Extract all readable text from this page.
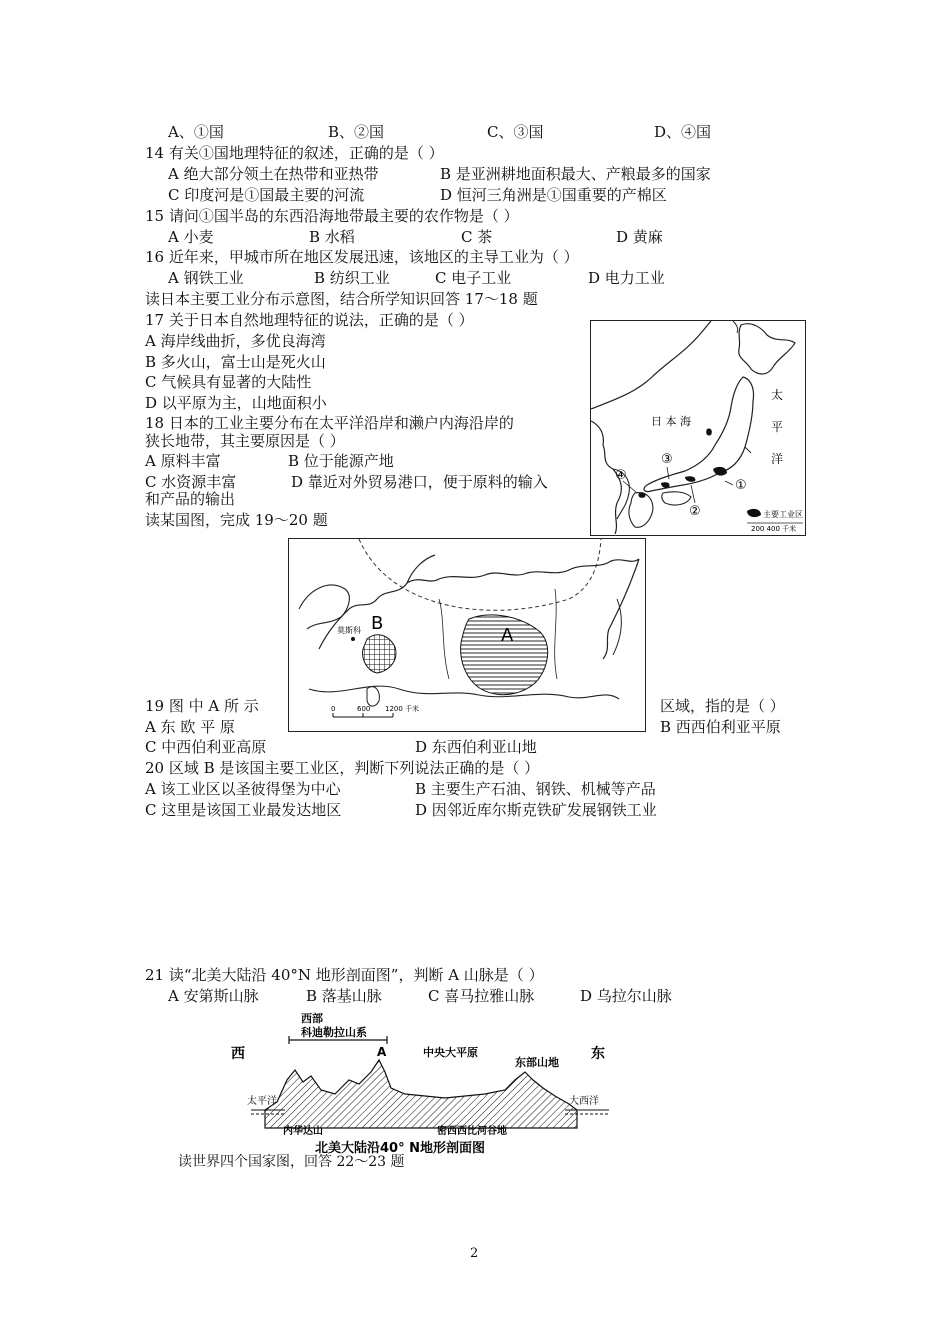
A、①国	B、②国	C、③国	D、④国
14 有关①国地理特征的叙述，正确的是（ ）
A 绝大部分领土在热带和亚热带	B 是亚洲耕地面积最大、产粮最多的国家
C 印度河是①国最主要的河流	D 恒河三角洲是①国重要的产棉区
15 请问①国半岛的东西沿海地带最主要的农作物是（ ）
A 小麦	B 水稻	C 茶	D 黄麻
16 近年来，甲城市所在地区发展迅速，该地区的主导工业为（ ）
A 钢铁工业	B 纺织工业	C 电子工业	D 电力工业
读日本主要工业分布示意图，结合所学知识回答 17～18 题
17 关于日本自然地理特征的说法，正确的是（ ）
A 海岸线曲折，多优良海湾
B 多火山，富士山是死火山
C 气候具有显著的大陆性
D 以平原为主，山地面积小
18 日本的工业主要分布在太平洋沿岸和濑户内海沿岸的
狭长地带，其主要原因是（ ）
A 原料丰富	B 位于能源产地
C 水资源丰富	D 靠近对外贸易港口，便于原料的输入
和产品的输出
读某国图，完成 19～20 题
日 本 海
太
平
洋
①
②
③
④
主要工业区
200 400 千米
B
A
莫斯科
0	600 1200 千米
19 图 中 A 所 示	区域，指的是（ ）
A 东 欧 平 原	B 西西伯利亚平原
C 中西伯利亚高原	D 东西伯利亚山地
20 区域 B 是该国主要工业区，判断下列说法正确的是（ ）
A 该工业区以圣彼得堡为中心	B 主要生产石油、钢铁、机械等产品
C 这里是该国工业最发达地区	D 因邻近库尔斯克铁矿发展钢铁工业
21 读“北美大陆沿 40°N 地形剖面图”，判断 A 山脉是（ ）
A 安第斯山脉	B 落基山脉	C 喜马拉雅山脉	D 乌拉尔山脉
西部
科迪勒拉山系
西	东
A	中央大平原
东部山地
太平洋	大西洋
内华达山	密西西比河谷地
北美大陆沿40° N地形剖面图
读世界四个国家图，回答 22～23 题
2
